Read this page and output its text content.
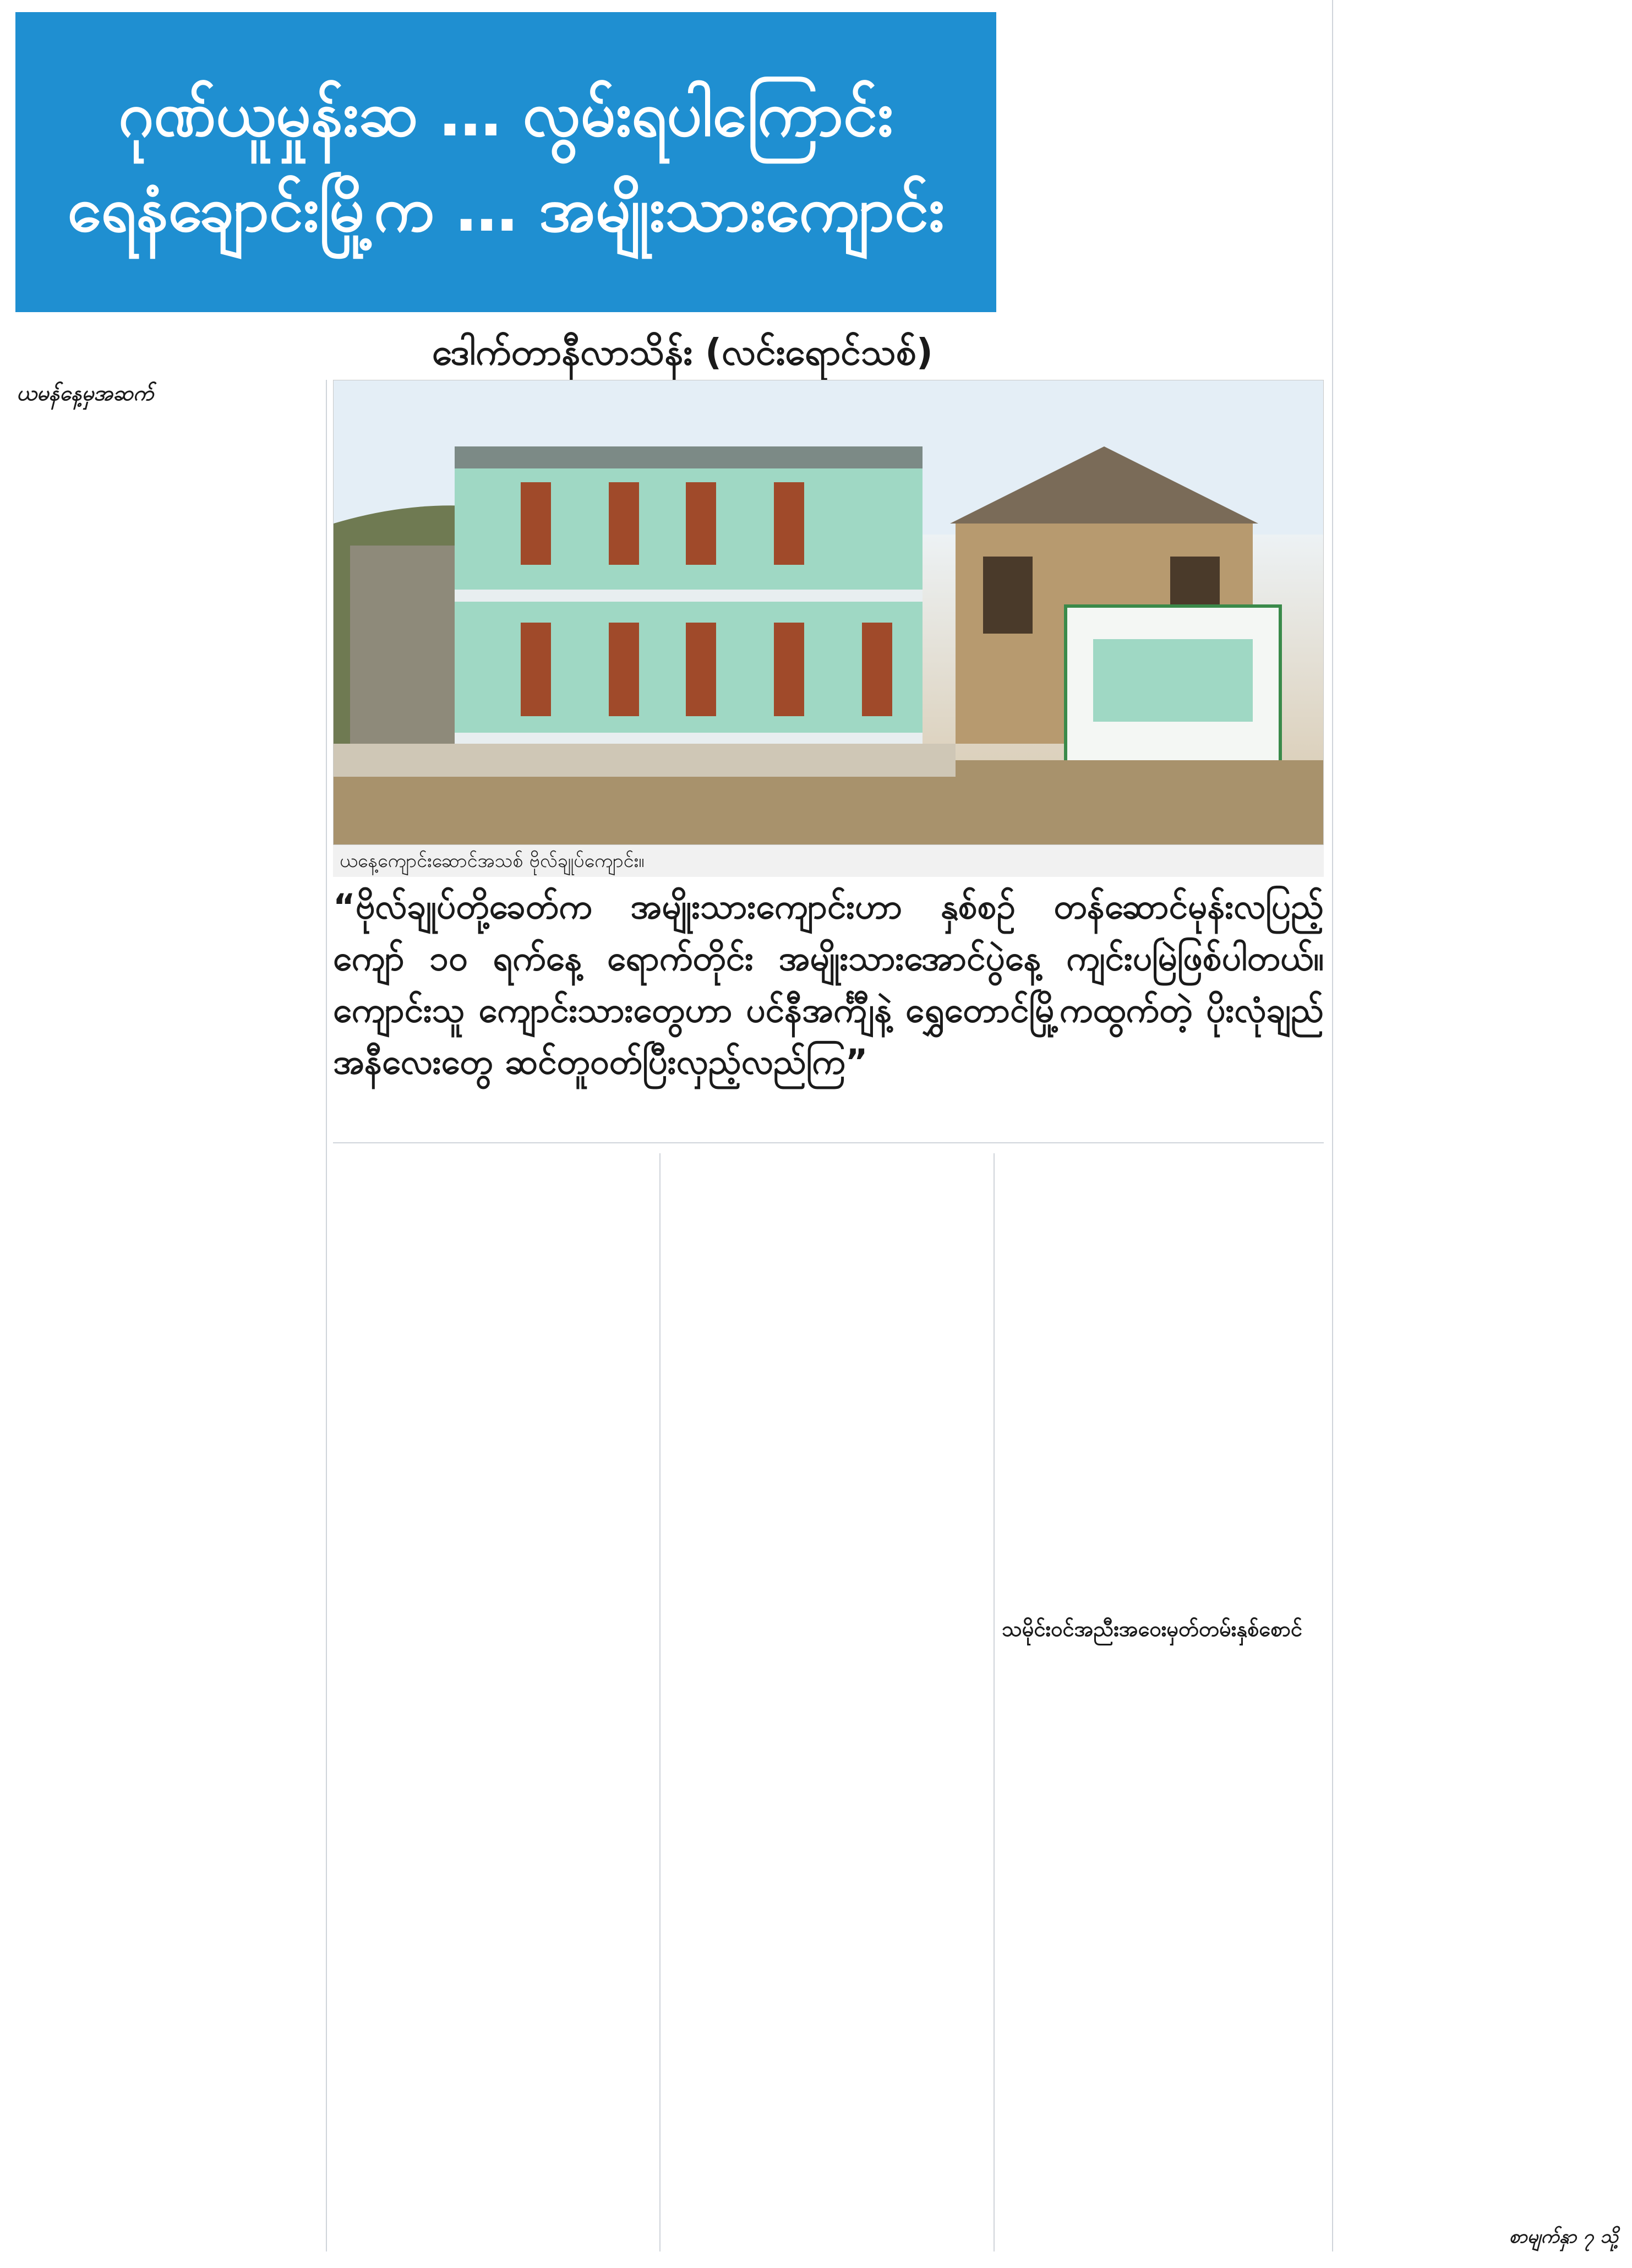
ဂုဏ်ယူမှုန်းဆ … လွမ်းရပါကြောင်း
ရေနံချောင်းမြို့က … အမျိုးသားကျောင်း
ဒေါက်တာနီလာသိန်း (လင်းရောင်သစ်)
ယမန်နေ့မှအဆက်
ယနေ့ကျောင်းဆောင်အသစ် ဗိုလ်ချုပ်ကျောင်း။
“ဗိုလ်ချုပ်တို့ခေတ်က အမျိုးသားကျောင်းဟာ နှစ်စဉ် တန်ဆောင်မုန်းလပြည့် ကျော် ၁၀ ရက်နေ့ ရောက်တိုင်း အမျိုးသားအောင်ပွဲနေ့ ကျင်းပမြဲဖြစ်ပါတယ်။ ကျောင်းသူ ကျောင်းသားတွေဟာ ပင်နီအင်္ကျီနဲ့ ရွှေတောင်မြို့ကထွက်တဲ့ ပိုးလုံချည်အနီလေးတွေ ဆင်တူဝတ်ပြီးလှည့်လည်ကြ”
သမိုင်းဝင်အညီးအဝေးမှတ်တမ်းနှစ်စောင်
စာမျက်နှာ ၇ သို့
